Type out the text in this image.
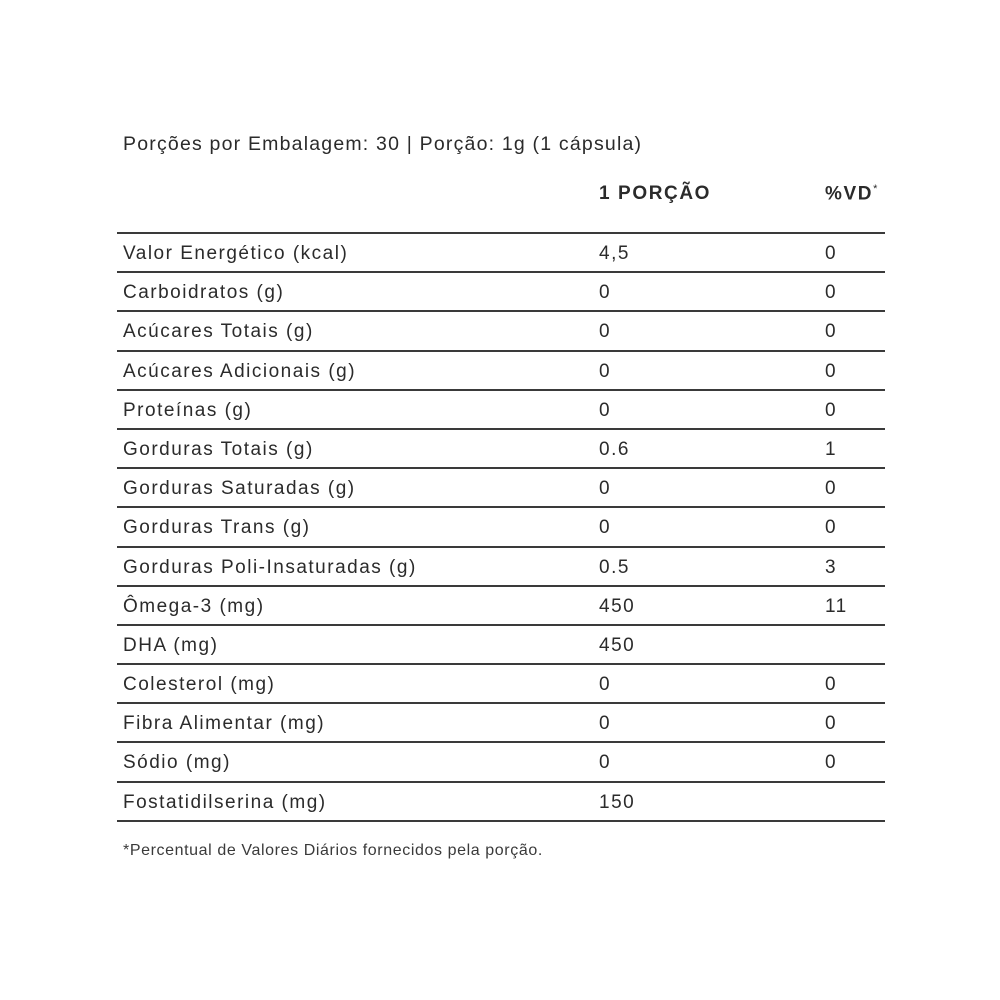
Porções por Embalagem: 30 | Porção: 1g (1 cápsula)
1 PORÇÃO	%VD*
Valor Energético (kcal)	4,5	0
Carboidratos (g)	0	0
Acúcares Totais (g)	0	0
Acúcares Adicionais (g)	0	0
Proteínas (g)	0	0
Gorduras Totais (g)	0.6	1
Gorduras Saturadas (g)	0	0
Gorduras Trans (g)	0	0
Gorduras Poli-Insaturadas (g)	0.5	3
Ômega-3 (mg)	450	11
DHA (mg)	450
Colesterol (mg)	0	0
Fibra Alimentar (mg)	0	0
Sódio (mg)	0	0
Fostatidilserina (mg)	150
*Percentual de Valores Diários fornecidos pela porção.
